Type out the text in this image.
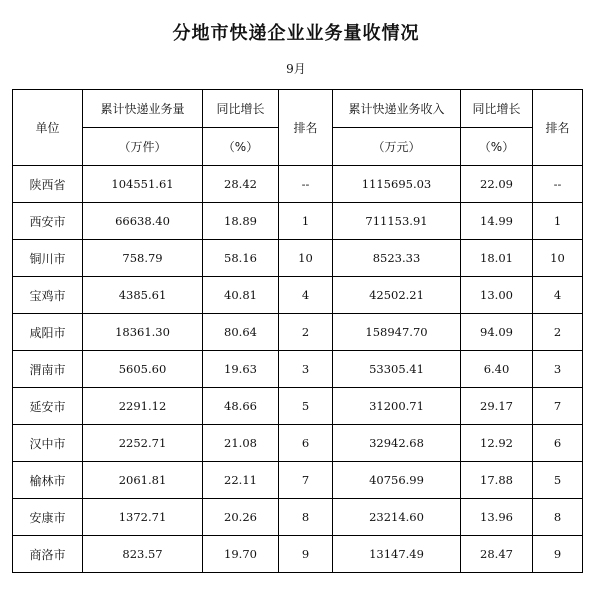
分地市快递企业业务量收情况
9月
单位	累计快递业务量	同比增长	排名	累计快递业务收入	同比增长	排名
	（万件）	（%）		（万元）	（%）	
陕西省	104551.61	28.42	--	1115695.03	22.09	--
西安市	66638.40	18.89	1	711153.91	14.99	1
铜川市	758.79	58.16	10	8523.33	18.01	10
宝鸡市	4385.61	40.81	4	42502.21	13.00	4
咸阳市	18361.30	80.64	2	158947.70	94.09	2
渭南市	5605.60	19.63	3	53305.41	6.40	3
延安市	2291.12	48.66	5	31200.71	29.17	7
汉中市	2252.71	21.08	6	32942.68	12.92	6
榆林市	2061.81	22.11	7	40756.99	17.88	5
安康市	1372.71	20.26	8	23214.60	13.96	8
商洛市	823.57	19.70	9	13147.49	28.47	9
